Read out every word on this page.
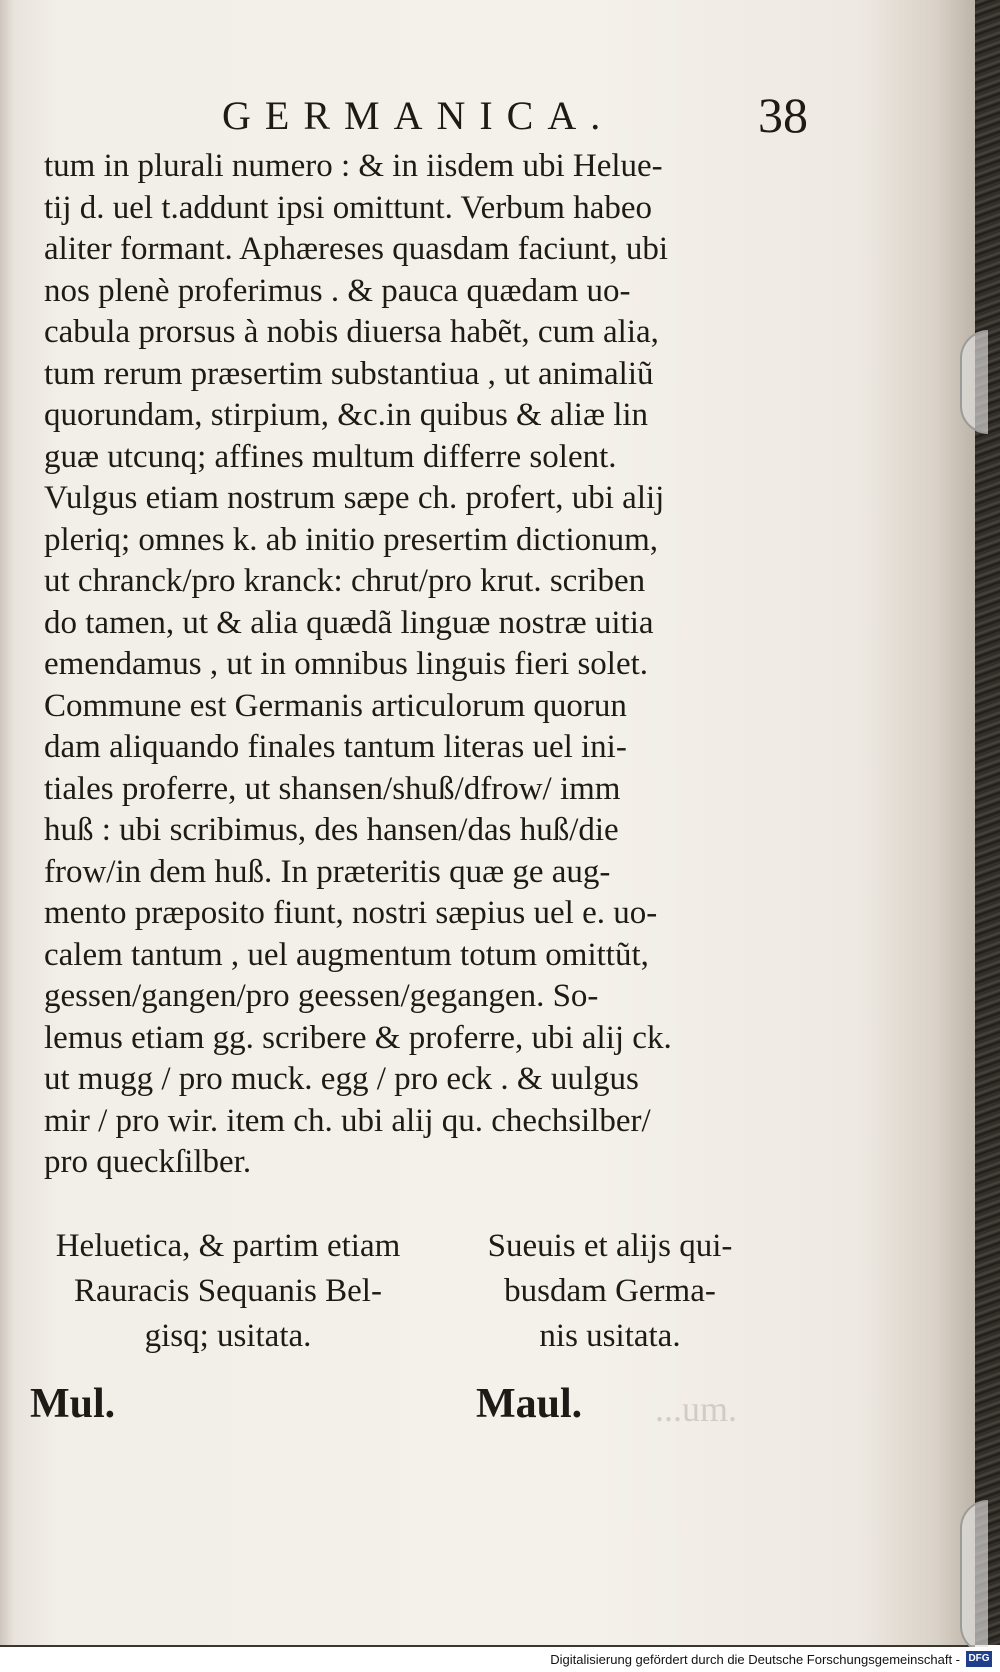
GERMANICA.	38
tum in plurali numero : & in iisdem ubi Helue-
tij d. uel t.addunt ipsi omittunt. Verbum habeo
aliter formant. Aphæreses quasdam faciunt, ubi
nos plenè proferimus . & pauca quædam uo-
cabula prorsus à nobis diuersa habẽt, cum alia,
tum rerum præsertim substantiua , ut animaliũ
quorundam, stirpium, &c.in quibus & aliæ lin
guæ utcunq; affines multum differre solent.
Vulgus etiam nostrum sæpe ch. profert, ubi alij
pleriq; omnes k. ab initio presertim dictionum,
ut chranck/pro kranck: chrut/pro krut. scriben
do tamen, ut & alia quædã linguæ nostræ uitia
emendamus , ut in omnibus linguis fieri solet.
Commune est Germanis articulorum quorun
dam aliquando finales tantum literas uel ini-
tiales proferre, ut shansen/shuß/dfrow/ imm
huß : ubi scribimus, des hansen/das huß/die
frow/in dem huß. In præteritis quæ ge aug-
mento præposito fiunt, nostri sæpius uel e. uo-
calem tantum , uel augmentum totum omittũt,
gessen/gangen/pro geessen/gegangen. So-
lemus etiam gg. scribere & proferre, ubi alij ck.
ut mugg / pro muck. egg / pro eck . & uulgus
mir / pro wir. item ch. ubi alij qu. chechsilber/
pro queckſilber.
Heluetica, & partim etiam
Rauracis Sequanis Bel-
gisq; usitata.
Sueuis et alijs qui-
busdam Germa-
nis usitata.
Mul.	Maul. ...um.
Digitalisierung gefördert durch die Deutsche Forschungsgemeinschaft - DFG
